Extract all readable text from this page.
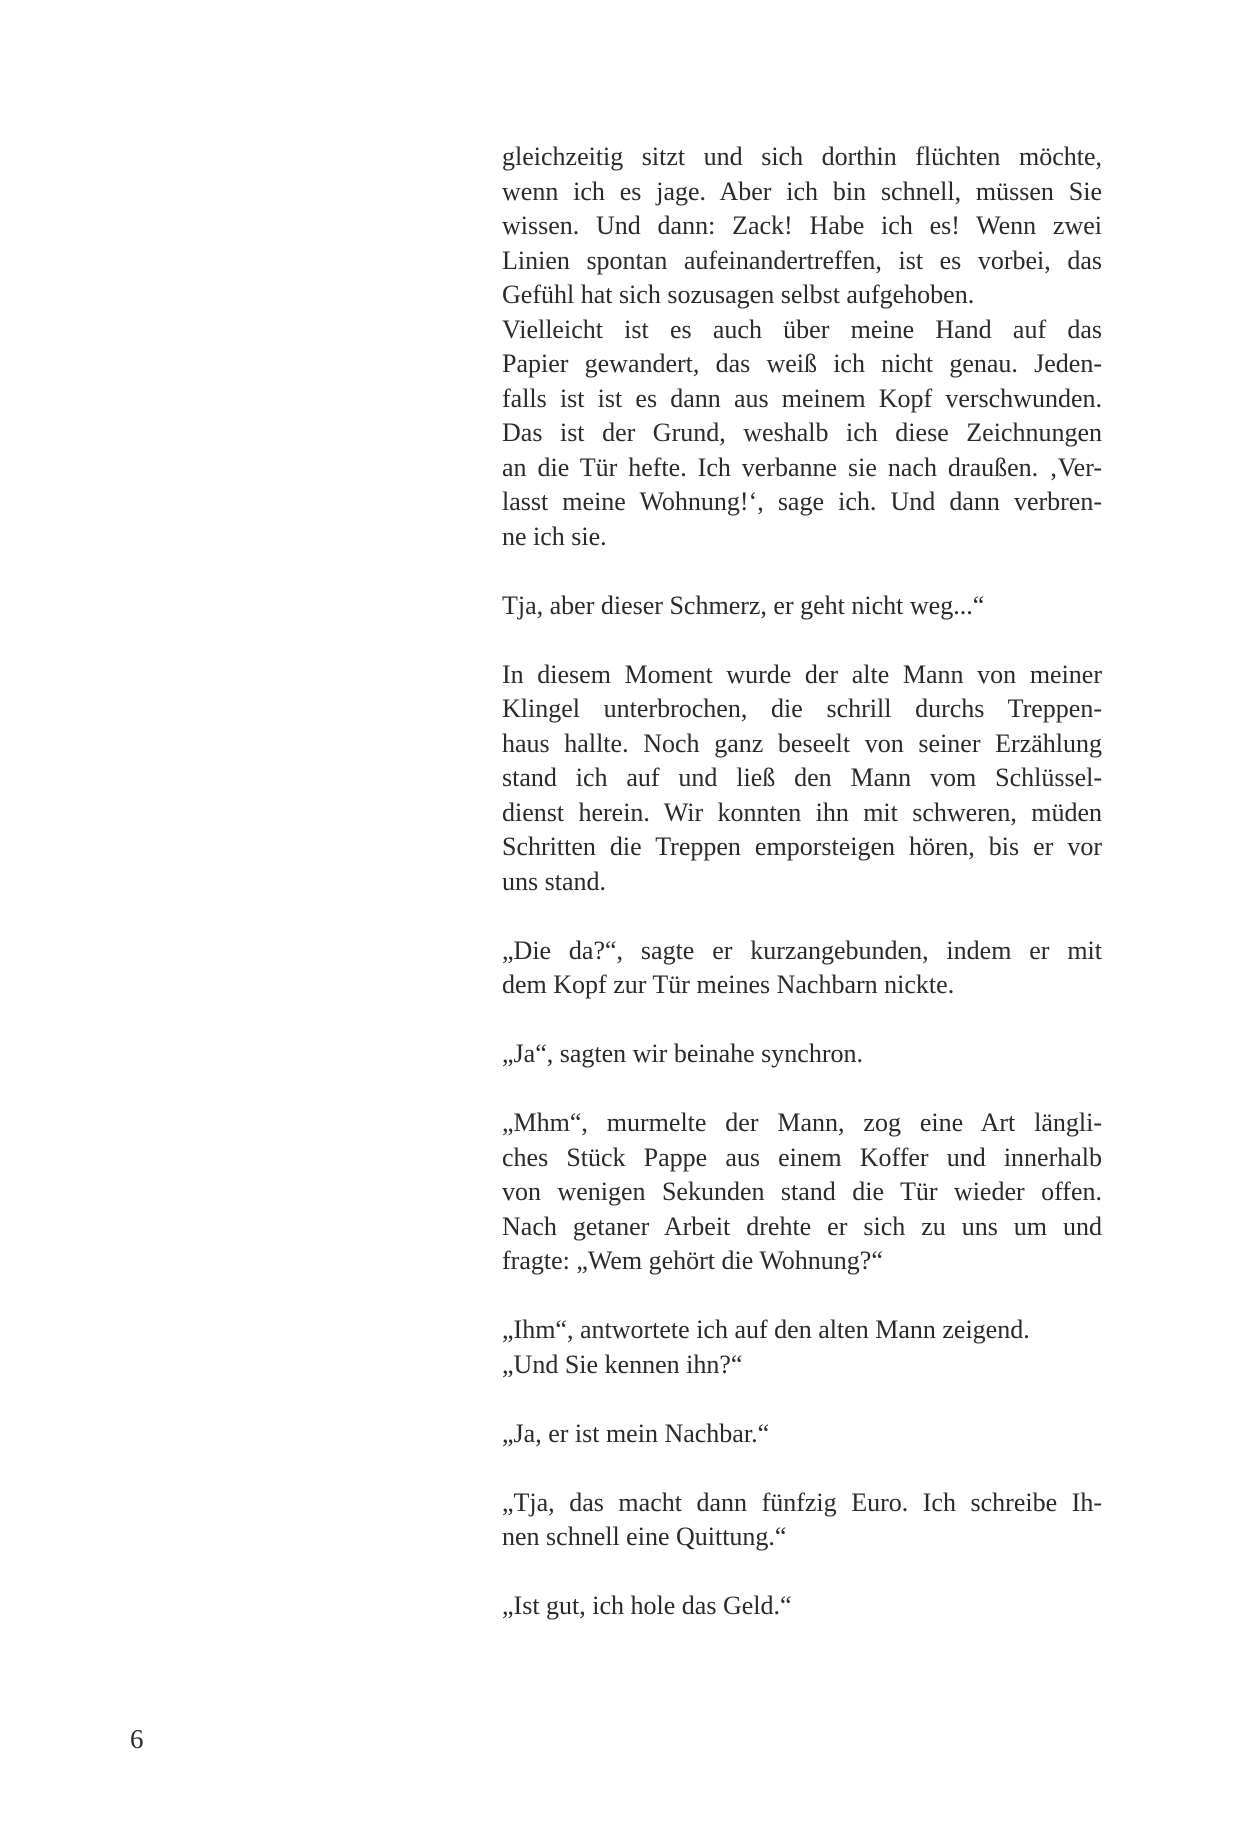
gleichzeitig sitzt und sich dorthin flüchten möchte,
wenn ich es jage. Aber ich bin schnell, müssen Sie
wissen. Und dann: Zack! Habe ich es! Wenn zwei
Linien spontan aufeinandertreffen, ist es vorbei, das
Gefühl hat sich sozusagen selbst aufgehoben.

Vielleicht ist es auch über meine Hand auf das
Papier gewandert, das weiß ich nicht genau. Jeden-
falls ist ist es dann aus meinem Kopf verschwunden.
Das ist der Grund, weshalb ich diese Zeichnungen
an die Tür hefte. Ich verbanne sie nach draußen. ‚Ver-
lasst meine Wohnung!‘, sage ich. Und dann verbren-
ne ich sie.

Tja, aber dieser Schmerz, er geht nicht weg...“

In diesem Moment wurde der alte Mann von meiner
Klingel unterbrochen, die schrill durchs Treppen-
haus hallte. Noch ganz beseelt von seiner Erzählung
stand ich auf und ließ den Mann vom Schlüssel-
dienst herein. Wir konnten ihn mit schweren, müden
Schritten die Treppen emporsteigen hören, bis er vor
uns stand.

„Die da?“, sagte er kurzangebunden, indem er mit
dem Kopf zur Tür meines Nachbarn nickte.

„Ja“, sagten wir beinahe synchron.

„Mhm“, murmelte der Mann, zog eine Art längli-
ches Stück Pappe aus einem Koffer und innerhalb
von wenigen Sekunden stand die Tür wieder offen.
Nach getaner Arbeit drehte er sich zu uns um und
fragte: „Wem gehört die Wohnung?“

„Ihm“, antwortete ich auf den alten Mann zeigend.
„Und Sie kennen ihn?“

„Ja, er ist mein Nachbar.“

„Tja, das macht dann fünfzig Euro. Ich schreibe Ih-
nen schnell eine Quittung.“

„Ist gut, ich hole das Geld.“

6
